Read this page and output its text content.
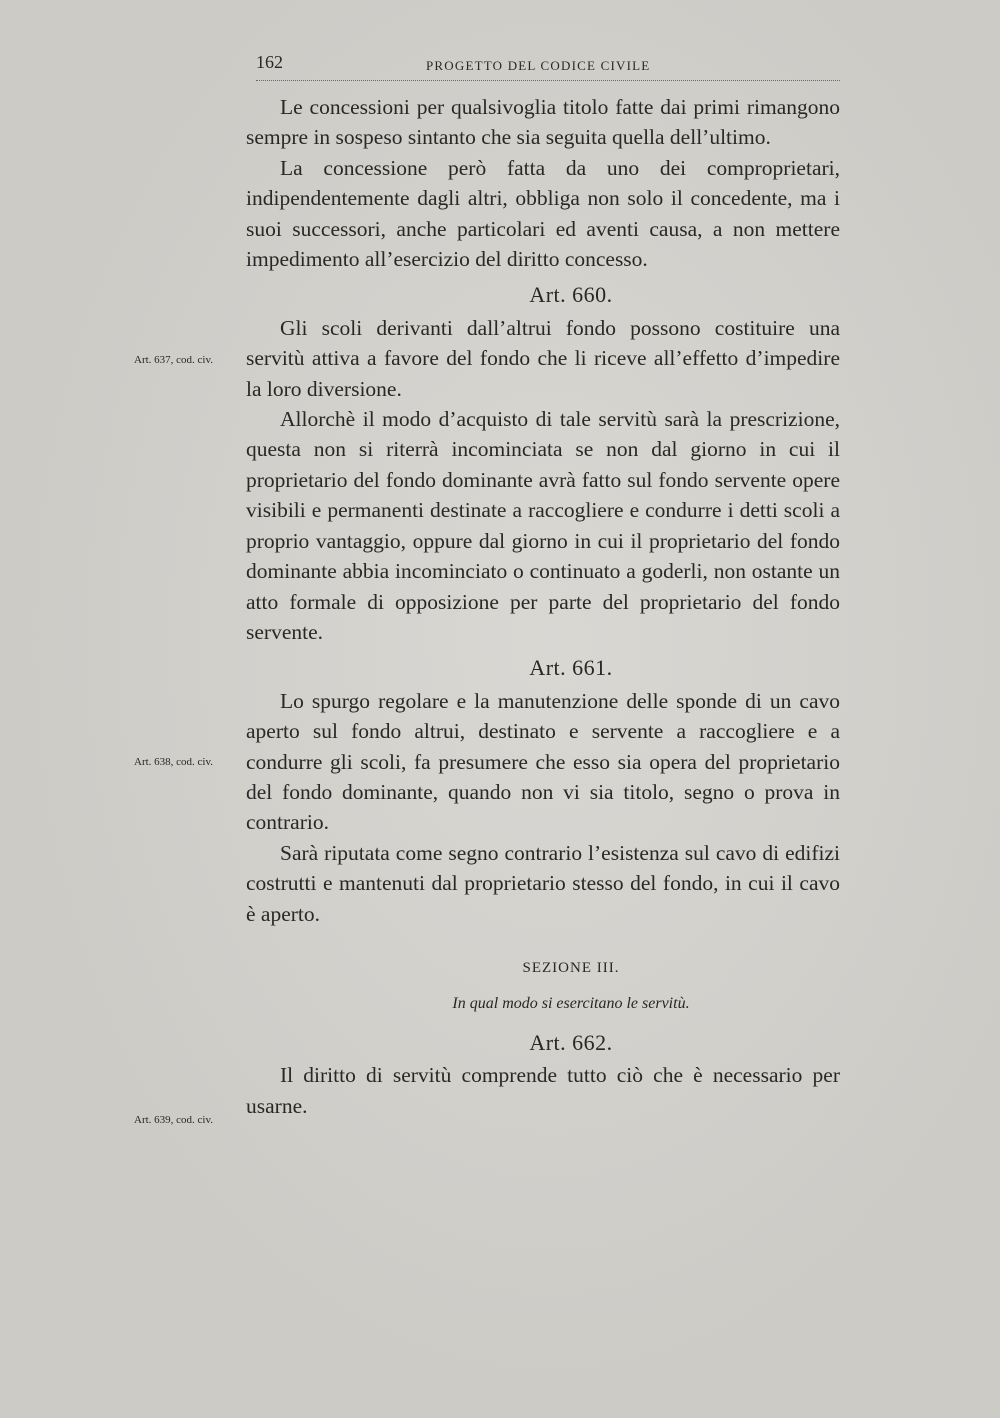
162	PROGETTO DEL CODICE CIVILE
Art. 637, cod. civ.
Art. 638, cod. civ.
Art. 639, cod. civ.

Le concessioni per qualsivoglia titolo fatte dai primi rimangono sempre in sospeso sintanto che sia seguita quella dell’ultimo.

La concessione però fatta da uno dei comproprietari, indipendentemente dagli altri, obbliga non solo il concedente, ma i suoi successori, anche particolari ed aventi causa, a non mettere impedimento all’esercizio del diritto concesso.

Art. 660.

Gli scoli derivanti dall’altrui fondo possono costituire una servitù attiva a favore del fondo che li riceve all’effetto d’impedire la loro diversione.

Allorchè il modo d’acquisto di tale servitù sarà la prescrizione, questa non si riterrà incominciata se non dal giorno in cui il proprietario del fondo dominante avrà fatto sul fondo servente opere visibili e permanenti destinate a raccogliere e condurre i detti scoli a proprio vantaggio, oppure dal giorno in cui il proprietario del fondo dominante abbia incominciato o continuato a goderli, non ostante un atto formale di opposizione per parte del proprietario del fondo servente.

Art. 661.

Lo spurgo regolare e la manutenzione delle sponde di un cavo aperto sul fondo altrui, destinato e servente a raccogliere e a condurre gli scoli, fa presumere che esso sia opera del proprietario del fondo dominante, quando non vi sia titolo, segno o prova in contrario.

Sarà riputata come segno contrario l’esistenza sul cavo di edifizi costrutti e mantenuti dal proprietario stesso del fondo, in cui il cavo è aperto.

SEZIONE III.
In qual modo si esercitano le servitù.
Art. 662.

Il diritto di servitù comprende tutto ciò che è necessario per usarne.
